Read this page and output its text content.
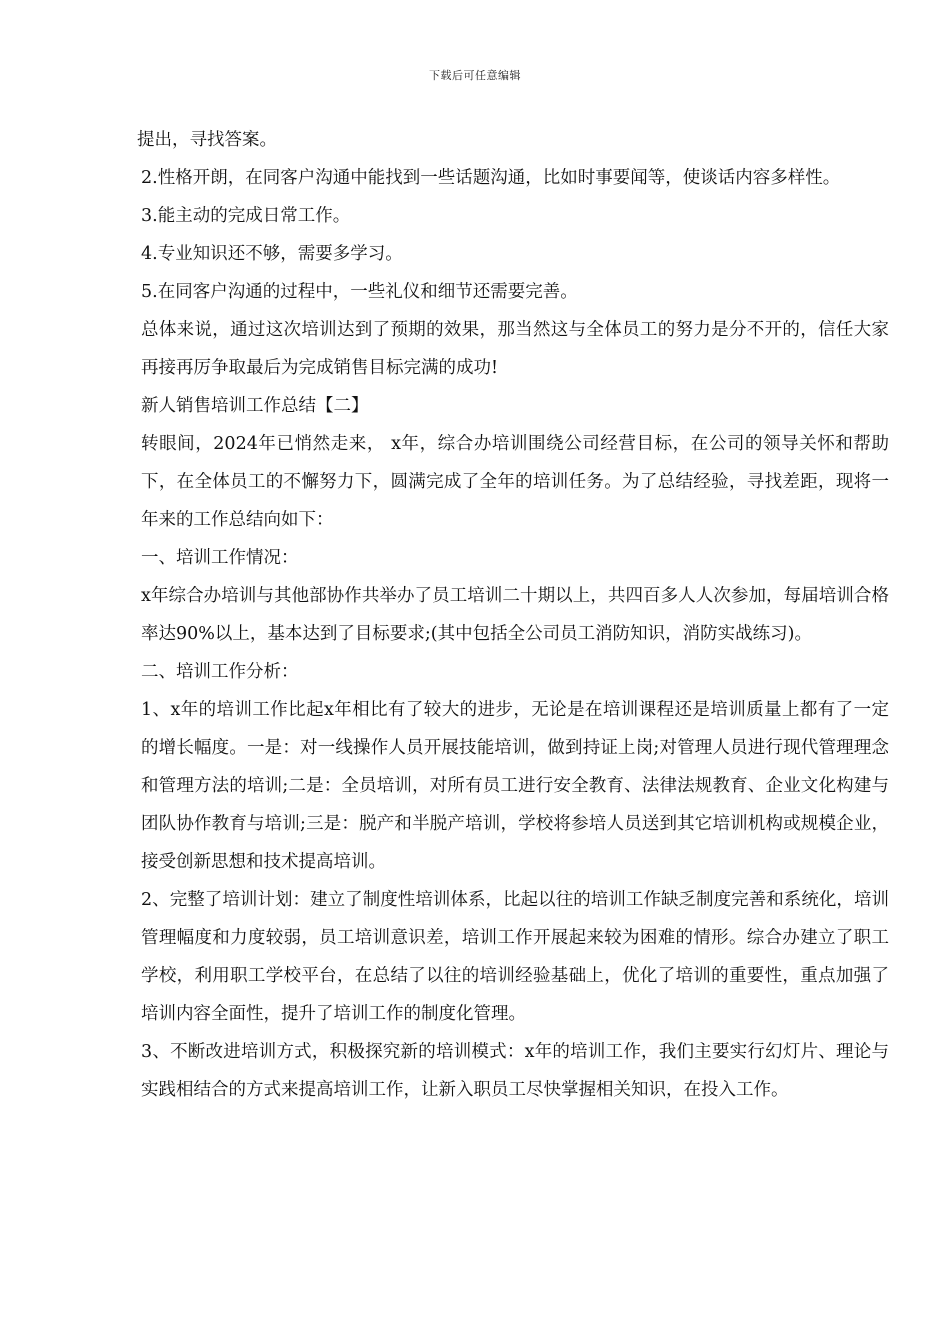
下载后可任意编辑

提出，寻找答案。

2.性格开朗，在同客户沟通中能找到一些话题沟通，比如时事要闻等，使谈话内容多样性。

3.能主动的完成日常工作。

4.专业知识还不够，需要多学习。

5.在同客户沟通的过程中，一些礼仪和细节还需要完善。

总体来说，通过这次培训达到了预期的效果，那当然这与全体员工的努力是分不开的，信任大家再接再厉争取最后为完成销售目标完满的成功!

新人销售培训工作总结【二】

转眼间，2024年已悄然走来， x年，综合办培训围绕公司经营目标，在公司的领导关怀和帮助下，在全体员工的不懈努力下，圆满完成了全年的培训任务。为了总结经验，寻找差距，现将一年来的工作总结向如下：

一、培训工作情况：

x年综合办培训与其他部协作共举办了员工培训二十期以上，共四百多人人次参加，每届培训合格率达90%以上，基本达到了目标要求;(其中包括全公司员工消防知识，消防实战练习)。

二、培训工作分析：

1、x年的培训工作比起x年相比有了较大的进步，无论是在培训课程还是培训质量上都有了一定的增长幅度。一是：对一线操作人员开展技能培训，做到持证上岗;对管理人员进行现代管理理念和管理方法的培训;二是：全员培训，对所有员工进行安全教育、法律法规教育、企业文化构建与团队协作教育与培训;三是：脱产和半脱产培训，学校将参培人员送到其它培训机构或规模企业，接受创新思想和技术提高培训。

2、完整了培训计划：建立了制度性培训体系，比起以往的培训工作缺乏制度完善和系统化，培训管理幅度和力度较弱，员工培训意识差，培训工作开展起来较为困难的情形。综合办建立了职工学校，利用职工学校平台，在总结了以往的培训经验基础上，优化了培训的重要性，重点加强了培训内容全面性，提升了培训工作的制度化管理。

3、不断改进培训方式，积极探究新的培训模式：x年的培训工作，我们主要实行幻灯片、理论与实践相结合的方式来提高培训工作，让新入职员工尽快掌握相关知识，在投入工作。
